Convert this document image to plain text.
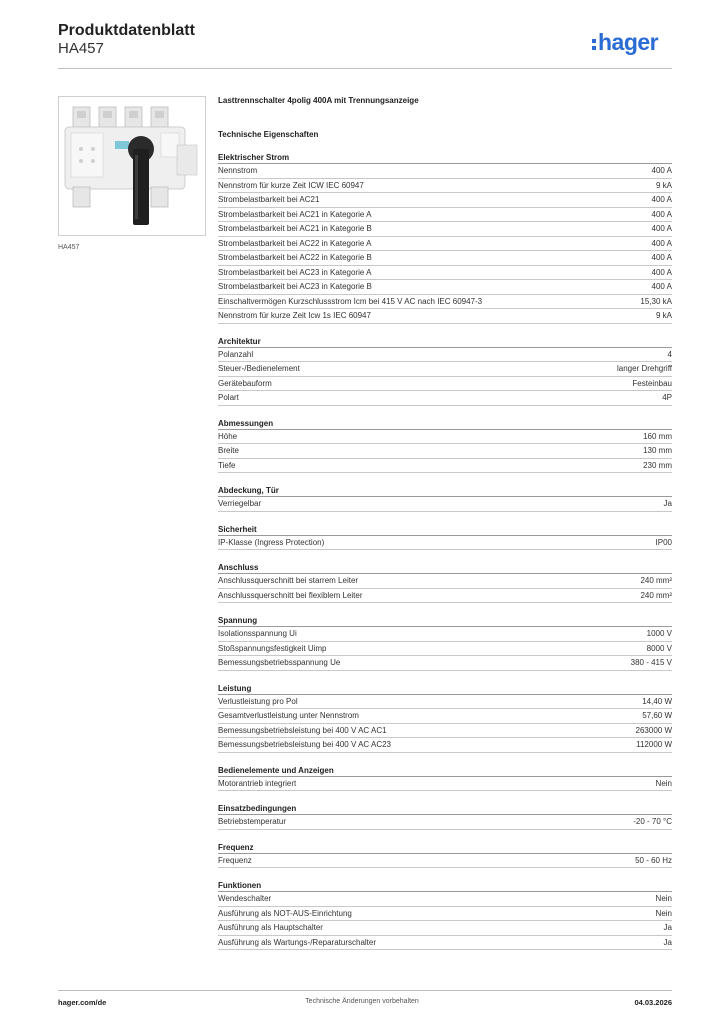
Produktdatenblatt
HA457	hager
HA457
Lasttrennschalter 4polig 400A mit Trennungsanzeige
Technische Eigenschaften
Elektrischer Strom
Nennstrom	400 A
Nennstrom für kurze Zeit ICW IEC 60947	9 kA
Strombelastbarkeit bei AC21	400 A
Strombelastbarkeit bei AC21 in Kategorie A	400 A
Strombelastbarkeit bei AC21 in Kategorie B	400 A
Strombelastbarkeit bei AC22 in Kategorie A	400 A
Strombelastbarkeit bei AC22 in Kategorie B	400 A
Strombelastbarkeit bei AC23 in Kategorie A	400 A
Strombelastbarkeit bei AC23 in Kategorie B	400 A
Einschaltvermögen Kurzschlussstrom Icm bei 415 V AC nach IEC 60947-3	15,30 kA
Nennstrom für kurze Zeit Icw 1s IEC 60947	9 kA
Architektur
Polanzahl	4
Steuer-/Bedienelement	langer Drehgriff
Gerätebauform	Festeinbau
Polart	4P
Abmessungen
Höhe	160 mm
Breite	130 mm
Tiefe	230 mm
Abdeckung, Tür
Verriegelbar	Ja
Sicherheit
IP-Klasse (Ingress Protection)	IP00
Anschluss
Anschlussquerschnitt bei starrem Leiter	240 mm²
Anschlussquerschnitt bei flexiblem Leiter	240 mm²
Spannung
Isolationsspannung Ui	1000 V
Stoßspannungsfestigkeit Uimp	8000 V
Bemessungsbetriebsspannung Ue	380 - 415 V
Leistung
Verlustleistung pro Pol	14,40 W
Gesamtverlustleistung unter Nennstrom	57,60 W
Bemessungsbetriebsleistung bei 400 V AC AC1	263000 W
Bemessungsbetriebsleistung bei 400 V AC AC23	112000 W
Bedienelemente und Anzeigen
Motorantrieb integriert	Nein
Einsatzbedingungen
Betriebstemperatur	-20 - 70 °C
Frequenz
Frequenz	50 - 60 Hz
Funktionen
Wendeschalter	Nein
Ausführung als NOT-AUS-Einrichtung	Nein
Ausführung als Hauptschalter	Ja
Ausführung als Wartungs-/Reparaturschalter	Ja
hager.com/de	Technische Änderungen vorbehalten	04.03.2026
